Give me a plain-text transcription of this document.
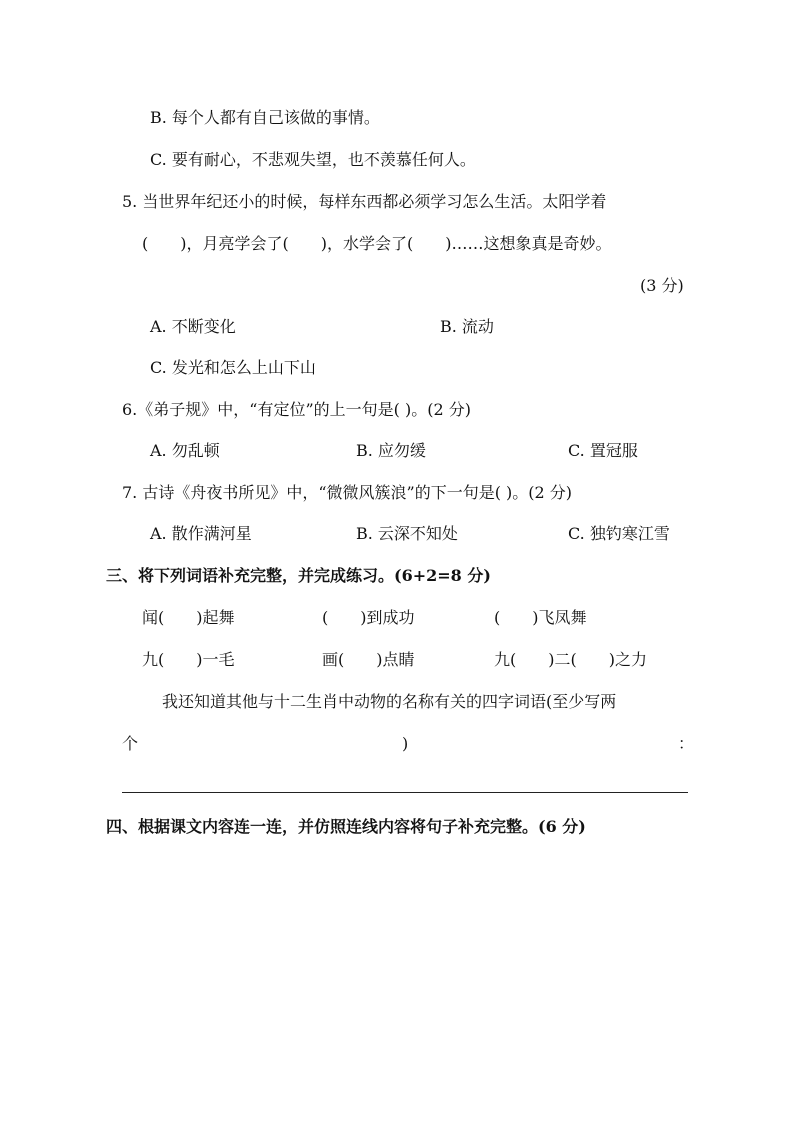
B. 每个人都有自己该做的事情。
C. 要有耐心，不悲观失望，也不羡慕任何人。
5. 当世界年纪还小的时候，每样东西都必须学习怎么生活。太阳学着
(　　)，月亮学会了(　　)，水学会了(　　)……这想象真是奇妙。
(3 分)
A. 不断变化	B. 流动
C. 发光和怎么上山下山
6.《弟子规》中，“有定位”的上一句是( )。(2 分)
A. 勿乱顿	B. 应勿缓	C. 置冠服
7. 古诗《舟夜书所见》中，“微微风簇浪”的下一句是( )。(2 分)
A. 散作满河星	B. 云深不知处	C. 独钓寒江雪
三、将下列词语补充完整，并完成练习。(6+2=8 分)
闻(　　)起舞	(　　)到成功	(　　)飞凤舞
九(　　)一毛	画(　　)点睛	九(　　)二(　　)之力
我还知道其他与十二生肖中动物的名称有关的四字词语(至少写两
个	)	：
四、根据课文内容连一连，并仿照连线内容将句子补充完整。(6 分)
